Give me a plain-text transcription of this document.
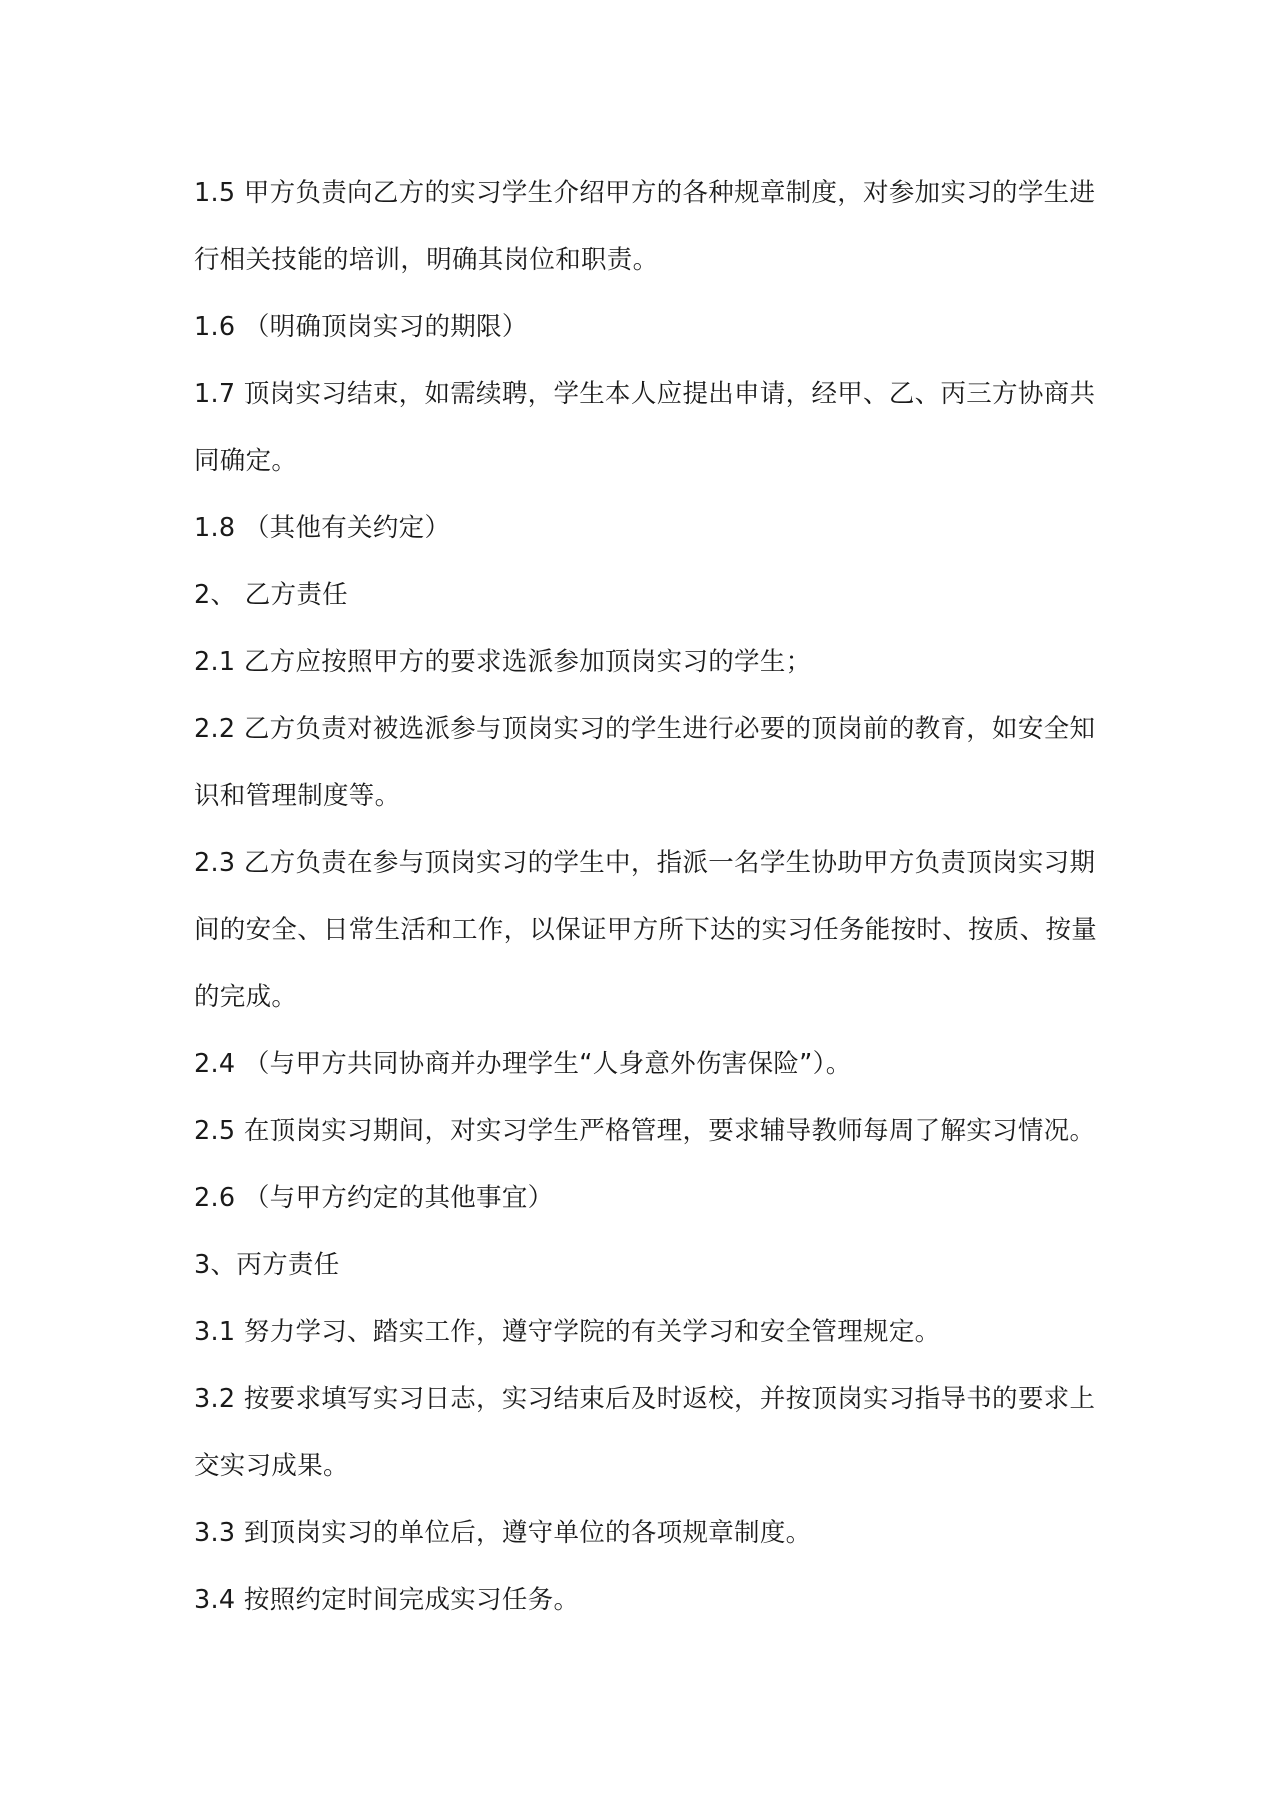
1.5 甲方负责向乙方的实习学生介绍甲方的各种规章制度，对参加实习的学生进
行相关技能的培训，明确其岗位和职责。
1.6 （明确顶岗实习的期限）
1.7 顶岗实习结束，如需续聘，学生本人应提出申请，经甲、乙、丙三方协商共
同确定。
1.8 （其他有关约定）
2、 乙方责任
2.1 乙方应按照甲方的要求选派参加顶岗实习的学生；
2.2 乙方负责对被选派参与顶岗实习的学生进行必要的顶岗前的教育，如安全知
识和管理制度等。
2.3 乙方负责在参与顶岗实习的学生中，指派一名学生协助甲方负责顶岗实习期
间的安全、日常生活和工作，以保证甲方所下达的实习任务能按时、按质、按量
的完成。
2.4 （与甲方共同协商并办理学生“人身意外伤害保险”）。
2.5 在顶岗实习期间，对实习学生严格管理，要求辅导教师每周了解实习情况。
2.6 （与甲方约定的其他事宜）
3、丙方责任
3.1 努力学习、踏实工作，遵守学院的有关学习和安全管理规定。
3.2 按要求填写实习日志，实习结束后及时返校，并按顶岗实习指导书的要求上
交实习成果。
3.3 到顶岗实习的单位后，遵守单位的各项规章制度。
3.4 按照约定时间完成实习任务。
